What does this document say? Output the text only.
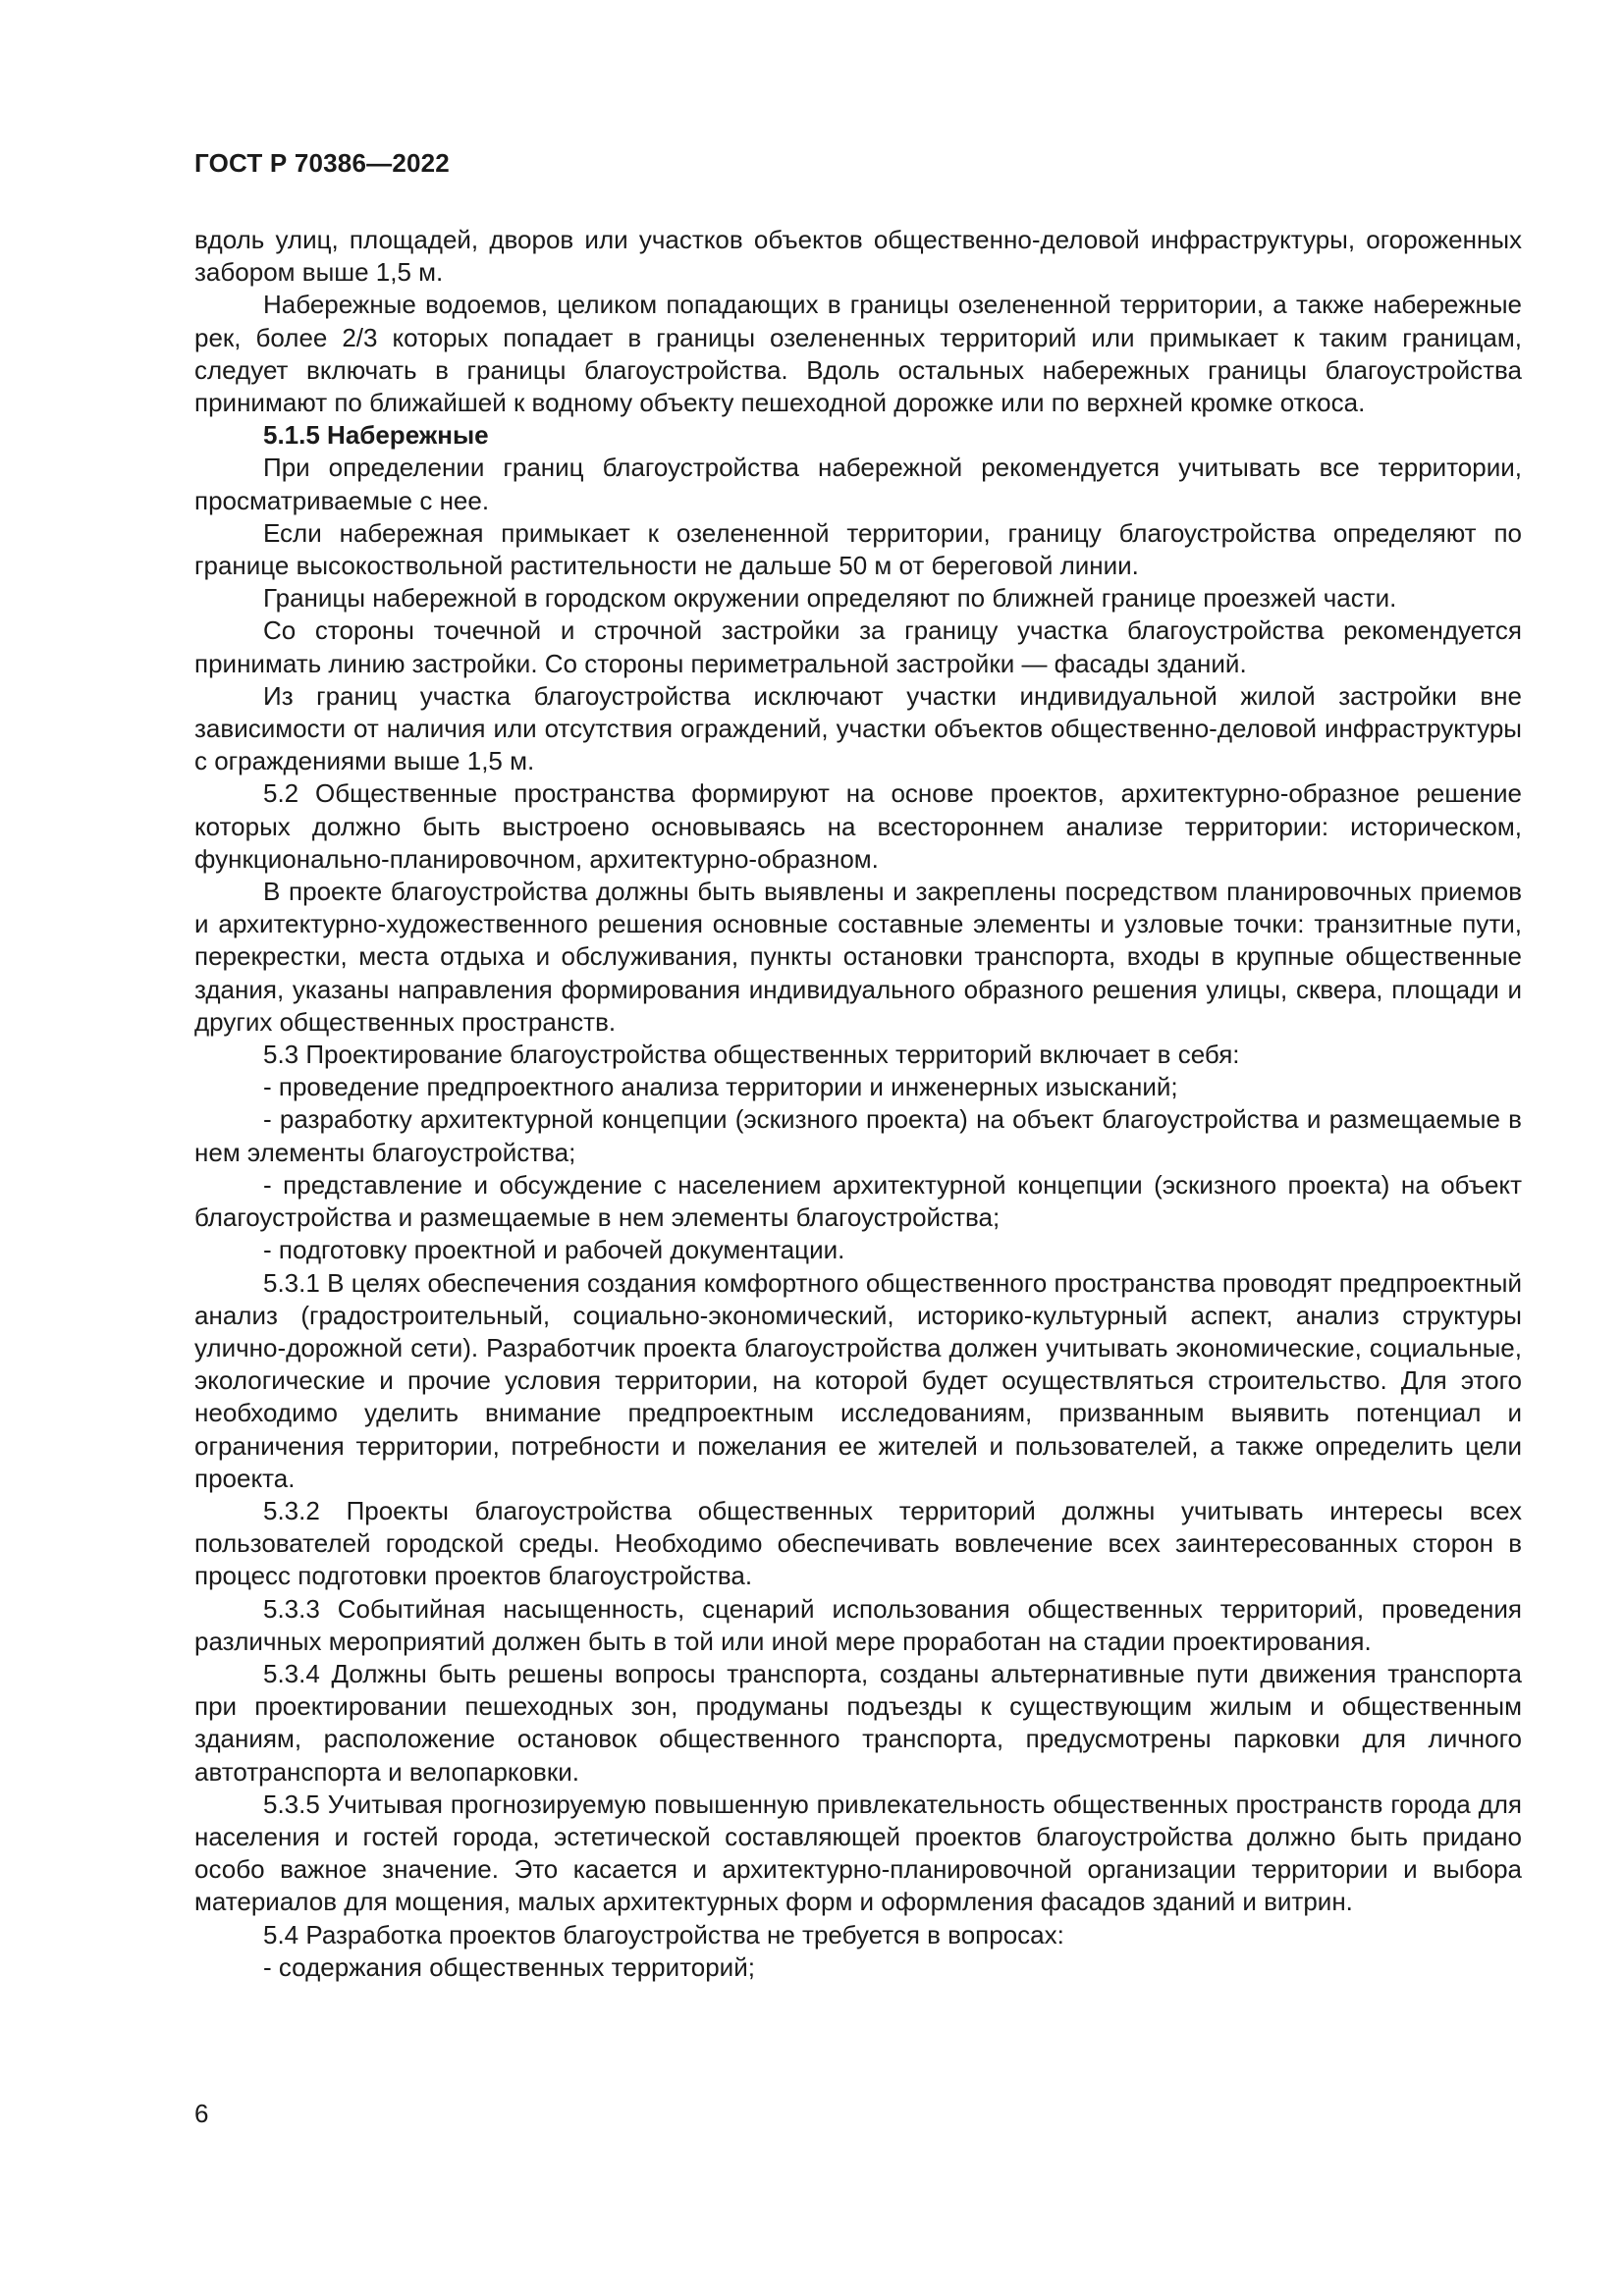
ГОСТ Р 70386—2022

вдоль улиц, площадей, дворов или участков объектов общественно-деловой инфраструктуры, огороженных забором выше 1,5 м.

Набережные водоемов, целиком попадающих в границы озелененной территории, а также набережные рек, более 2/3 которых попадает в границы озелененных территорий или примыкает к таким границам, следует включать в границы благоустройства. Вдоль остальных набережных границы благоустройства принимают по ближайшей к водному объекту пешеходной дорожке или по верхней кромке откоса.

5.1.5 Набережные

При определении границ благоустройства набережной рекомендуется учитывать все территории, просматриваемые с нее.

Если набережная примыкает к озелененной территории, границу благоустройства определяют по границе высокоствольной растительности не дальше 50 м от береговой линии.

Границы набережной в городском окружении определяют по ближней границе проезжей части.

Со стороны точечной и строчной застройки за границу участка благоустройства рекомендуется принимать линию застройки. Со стороны периметральной застройки — фасады зданий.

Из границ участка благоустройства исключают участки индивидуальной жилой застройки вне зависимости от наличия или отсутствия ограждений, участки объектов общественно-деловой инфраструктуры с ограждениями выше 1,5 м.

5.2 Общественные пространства формируют на основе проектов, архитектурно-образное решение которых должно быть выстроено основываясь на всестороннем анализе территории: историческом, функционально-планировочном, архитектурно-образном.

В проекте благоустройства должны быть выявлены и закреплены посредством планировочных приемов и архитектурно-художественного решения основные составные элементы и узловые точки: транзитные пути, перекрестки, места отдыха и обслуживания, пункты остановки транспорта, входы в крупные общественные здания, указаны направления формирования индивидуального образного решения улицы, сквера, площади и других общественных пространств.

5.3 Проектирование благоустройства общественных территорий включает в себя:

- проведение предпроектного анализа территории и инженерных изысканий;

- разработку архитектурной концепции (эскизного проекта) на объект благоустройства и размещаемые в нем элементы благоустройства;

- представление и обсуждение с населением архитектурной концепции (эскизного проекта) на объект благоустройства и размещаемые в нем элементы благоустройства;

- подготовку проектной и рабочей документации.

5.3.1 В целях обеспечения создания комфортного общественного пространства проводят предпроектный анализ (градостроительный, социально-экономический, историко-культурный аспект, анализ структуры улично-дорожной сети). Разработчик проекта благоустройства должен учитывать экономические, социальные, экологические и прочие условия территории, на которой будет осуществляться строительство. Для этого необходимо уделить внимание предпроектным исследованиям, призванным выявить потенциал и ограничения территории, потребности и пожелания ее жителей и пользователей, а также определить цели проекта.

5.3.2 Проекты благоустройства общественных территорий должны учитывать интересы всех пользователей городской среды. Необходимо обеспечивать вовлечение всех заинтересованных сторон в процесс подготовки проектов благоустройства.

5.3.3 Событийная насыщенность, сценарий использования общественных территорий, проведения различных мероприятий должен быть в той или иной мере проработан на стадии проектирования.

5.3.4 Должны быть решены вопросы транспорта, созданы альтернативные пути движения транспорта при проектировании пешеходных зон, продуманы подъезды к существующим жилым и общественным зданиям, расположение остановок общественного транспорта, предусмотрены парковки для личного автотранспорта и велопарковки.

5.3.5 Учитывая прогнозируемую повышенную привлекательность общественных пространств города для населения и гостей города, эстетической составляющей проектов благоустройства должно быть придано особо важное значение. Это касается и архитектурно-планировочной организации территории и выбора материалов для мощения, малых архитектурных форм и оформления фасадов зданий и витрин.

5.4 Разработка проектов благоустройства не требуется в вопросах:

- содержания общественных территорий;

6
